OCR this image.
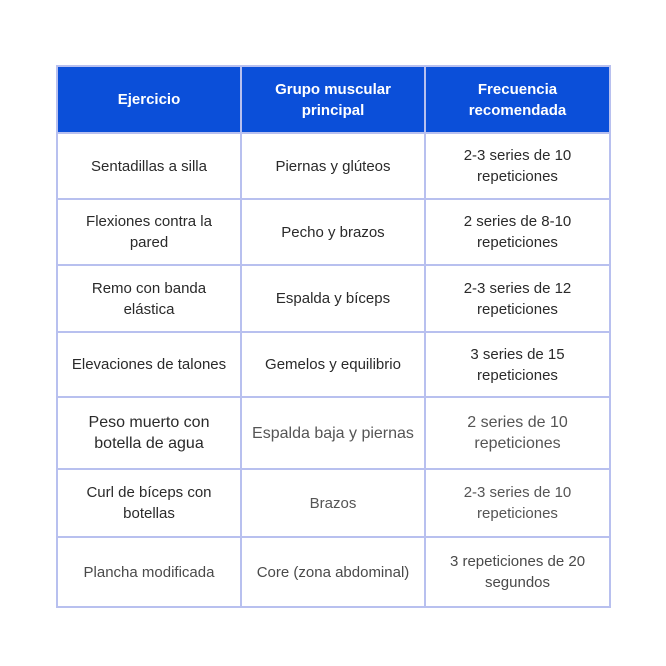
Ejercicio	Grupo muscular principal	Frecuencia recomendada
Sentadillas a silla	Piernas y glúteos	2-3 series de 10 repeticiones
Flexiones contra la pared	Pecho y brazos	2 series de 8-10 repeticiones
Remo con banda elástica	Espalda y bíceps	2-3 series de 12 repeticiones
Elevaciones de talones	Gemelos y equilibrio	3 series de 15 repeticiones
Peso muerto con botella de agua	Espalda baja y piernas	2 series de 10 repeticiones
Curl de bíceps con botellas	Brazos	2-3 series de 10 repeticiones
Plancha modificada	Core (zona abdominal)	3 repeticiones de 20 segundos
